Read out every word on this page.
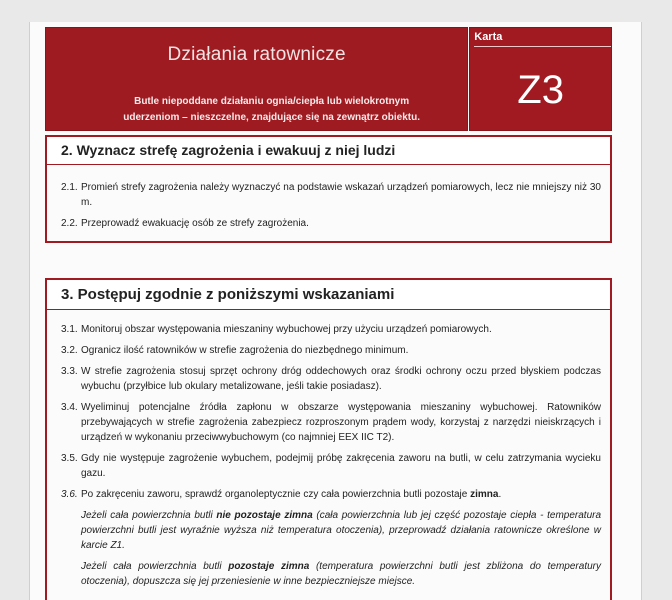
Działania ratownicze
Butle niepoddane działaniu ognia/ciepła lub wielokrotnym
uderzeniom – nieszczelne, znajdujące się na zewnątrz obiektu.
Karta
Z3
2. Wyznacz strefę zagrożenia i ewakuuj z niej ludzi
2.1. Promień strefy zagrożenia należy wyznaczyć na podstawie wskazań urządzeń pomiarowych, lecz nie mniejszy niż 30 m.
2.2. Przeprowadź ewakuację osób ze strefy zagrożenia.
3. Postępuj zgodnie z poniższymi wskazaniami
3.1. Monitoruj obszar występowania mieszaniny wybuchowej przy użyciu urządzeń pomiarowych.
3.2. Ogranicz ilość ratowników w strefie zagrożenia do niezbędnego minimum.
3.3. W strefie zagrożenia stosuj sprzęt ochrony dróg oddechowych oraz środki ochrony oczu przed błyskiem podczas wybuchu (przyłbice lub okulary metalizowane, jeśli takie posiadasz).
3.4. Wyeliminuj potencjalne źródła zapłonu w obszarze występowania mieszaniny wybuchowej. Ratowników przebywających w strefie zagrożenia zabezpiecz rozproszonym prądem wody, korzystaj z narzędzi nieiskrzących i urządzeń w wykonaniu przeciwwybuchowym (co najmniej EEX IIC T2).
3.5. Gdy nie występuje zagrożenie wybuchem, podejmij próbę zakręcenia zaworu na butli, w celu zatrzymania wycieku gazu.
3.6. Po zakręceniu zaworu, sprawdź organoleptycznie czy cała powierzchnia butli pozostaje zimna.
Jeżeli cała powierzchnia butli nie pozostaje zimna (cała powierzchnia lub jej część pozostaje ciepła - temperatura powierzchni butli jest wyraźnie wyższa niż temperatura otoczenia), przeprowadź działania ratownicze określone w karcie Z1.
Jeżeli cała powierzchnia butli pozostaje zimna (temperatura powierzchni butli jest zbliżona do temperatury otoczenia), dopuszcza się jej przeniesienie w inne bezpieczniejsze miejsce.
